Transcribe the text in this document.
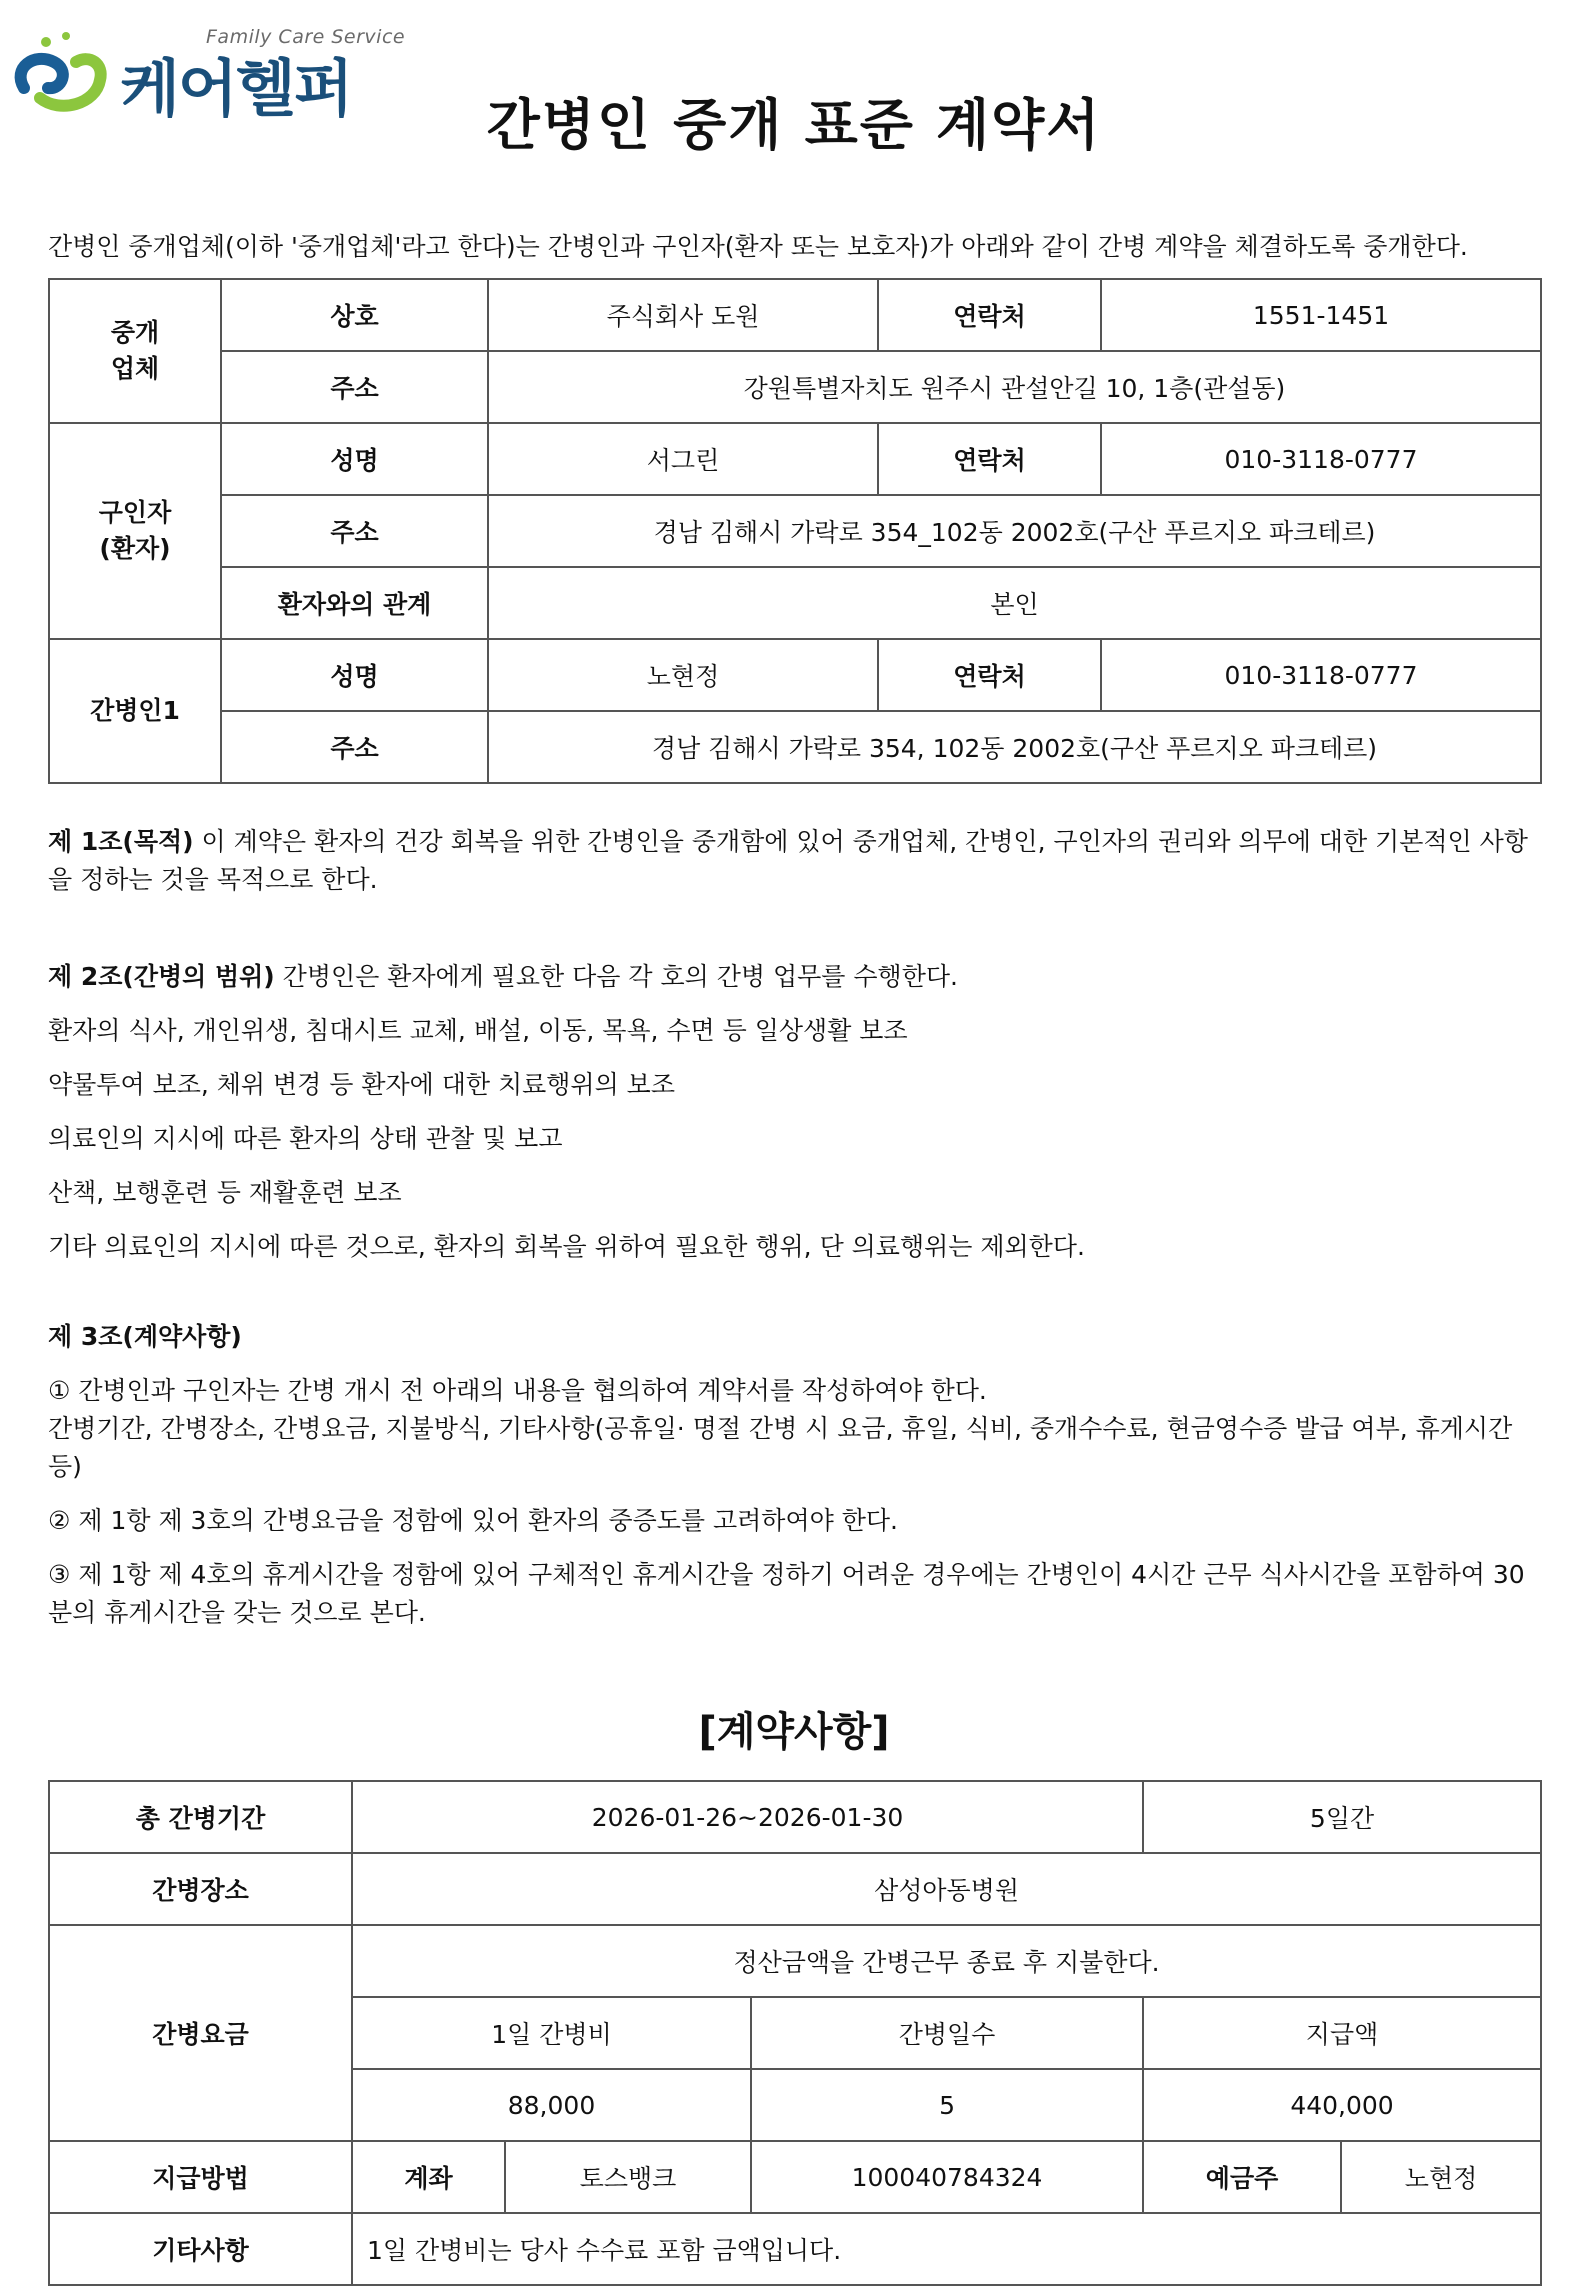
케어헬퍼
Family Care Service
간병인 중개 표준 계약서
간병인 중개업체(이하 '중개업체'라고 한다)는 간병인과 구인자(환자 또는 보호자)가 아래와 같이 간병 계약을 체결하도록 중개한다.
중개
업체	상호	주식회사 도원	연락처	1551-1451
	주소	강원특별자치도 원주시 관설안길 10, 1층(관설동)		

구인자
(환자)	성명	서그린	연락처	010-3118-0777
	주소	경남 김해시 가락로 354_102동 2002호(구산 푸르지오 파크테르)		
	환자와의 관계	본인		
간병인1	성명	노현정	연락처	010-3118-0777
	주소	경남 김해시 가락로 354, 102동 2002호(구산 푸르지오 파크테르)		

제 1조(목적) 이 계약은 환자의 건강 회복을 위한 간병인을 중개함에 있어 중개업체, 간병인, 구인자의 권리와 의무에 대한 기본적인 사항을 정하는 것을 목적으로 한다.

제 2조(간병의 범위) 간병인은 환자에게 필요한 다음 각 호의 간병 업무를 수행한다.

환자의 식사, 개인위생, 침대시트 교체, 배설, 이동, 목욕, 수면 등 일상생활 보조

약물투여 보조, 체위 변경 등 환자에 대한 치료행위의 보조

의료인의 지시에 따른 환자의 상태 관찰 및 보고

산책, 보행훈련 등 재활훈련 보조

기타 의료인의 지시에 따른 것으로, 환자의 회복을 위하여 필요한 행위, 단 의료행위는 제외한다.

제 3조(계약사항)

① 간병인과 구인자는 간병 개시 전 아래의 내용을 협의하여 계약서를 작성하여야 한다.

간병기간, 간병장소, 간병요금, 지불방식, 기타사항(공휴일· 명절 간병 시 요금, 휴일, 식비, 중개수수료, 현금영수증 발급 여부, 휴게시간 등)

② 제 1항 제 3호의 간병요금을 정함에 있어 환자의 중증도를 고려하여야 한다.

③ 제 1항 제 4호의 휴게시간을 정함에 있어 구체적인 휴게시간을 정하기 어려운 경우에는 간병인이 4시간 근무 식사시간을 포함하여 30분의 휴게시간을 갖는 것으로 본다.

[계약사항]
총 간병기간	2026-01-26~2026-01-30			5일간	
간병장소	삼성아동병원				
간병요금	정산금액을 간병근무 종료 후 지불한다.				
	1일 간병비		간병일수	지급액	
	88,000		5	440,000	
지급방법	계좌	토스뱅크	100040784324	예금주	노현정
기타사항	1일 간병비는 당사 수수료 포함 금액입니다.				
